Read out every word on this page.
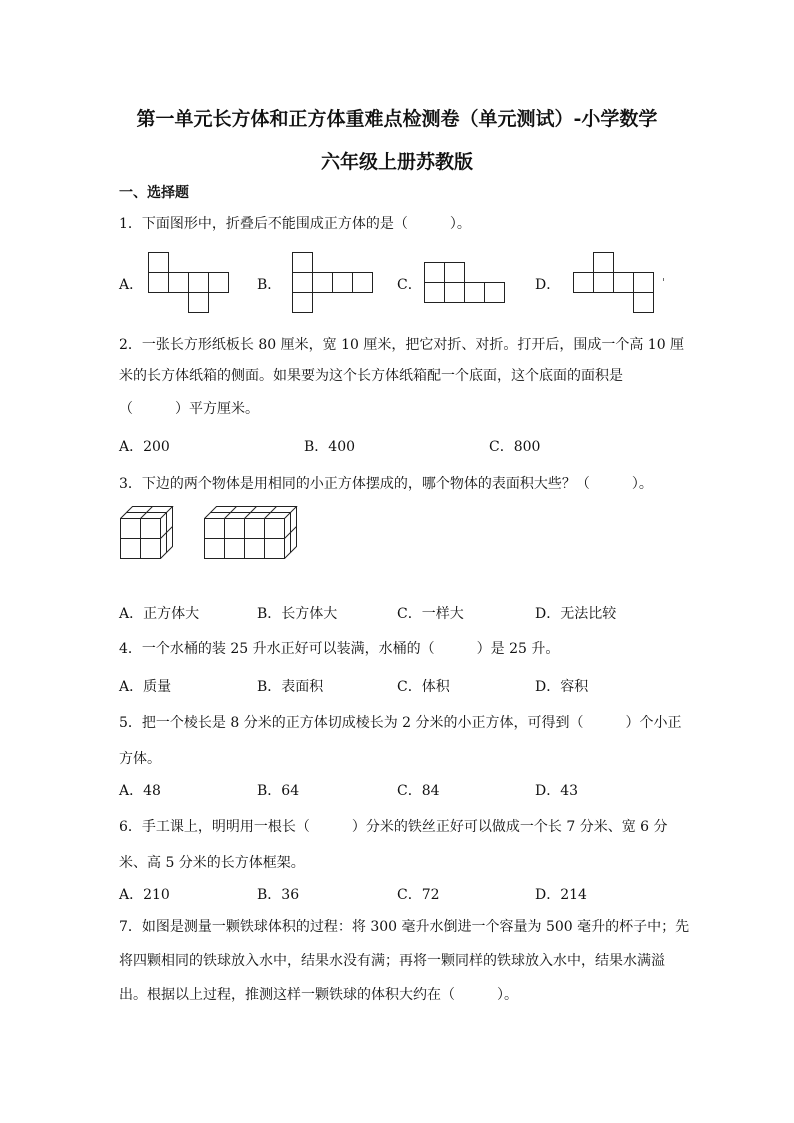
第一单元长方体和正方体重难点检测卷（单元测试）-小学数学
六年级上册苏教版
一、选择题
1．下面图形中，折叠后不能围成正方体的是（　　　）。
A．	B．	C．	D．	'
2．一张长方形纸板长 80 厘米，宽 10 厘米，把它对折、对折。打开后，围成一个高 10 厘
米的长方体纸箱的侧面。如果要为这个长方体纸箱配一个底面，这个底面的面积是
（　　　）平方厘米。
A．200	B．400	C．800
3．下边的两个物体是用相同的小正方体摆成的，哪个物体的表面积大些？（　　　）。
A．正方体大	B．长方体大	C．一样大	D．无法比较
4．一个水桶的装 25 升水正好可以装满，水桶的（　　　）是 25 升。
A．质量	B．表面积	C．体积	D．容积
5．把一个棱长是 8 分米的正方体切成棱长为 2 分米的小正方体，可得到（　　　）个小正
方体。
A．48	B．64	C．84	D．43
6．手工课上，明明用一根长（　　　）分米的铁丝正好可以做成一个长 7 分米、宽 6 分
米、高 5 分米的长方体框架。
A．210	B．36	C．72	D．214
7．如图是测量一颗铁球体积的过程：将 300 毫升水倒进一个容量为 500 毫升的杯子中；先
将四颗相同的铁球放入水中，结果水没有满；再将一颗同样的铁球放入水中，结果水满溢
出。根据以上过程，推测这样一颗铁球的体积大约在（　　　）。
